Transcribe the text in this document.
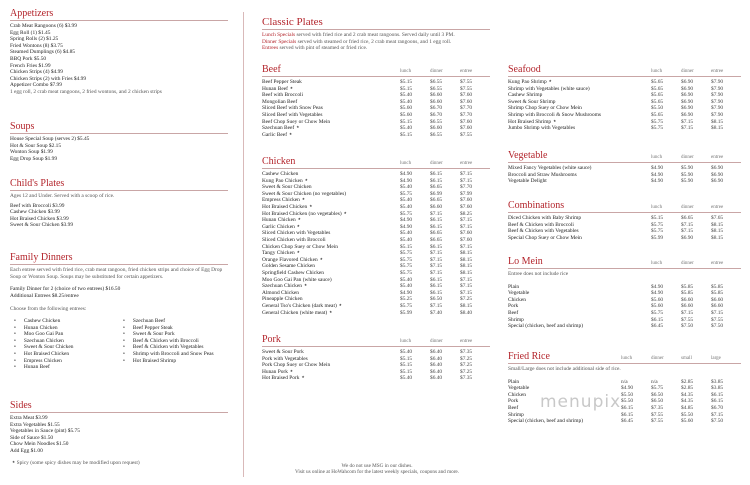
Appetizers
Crab Meat Rangoons (6) $3.99
Egg Roll (1) $1.45
Spring Rolls (2) $1.25
Fried Wontons (8) $3.75
Steamed Dumplings (6) $4.85
BBQ Pork $5.50
French Fries $1.99
Chicken Strips (4) $4.99
Chicken Strips (2) with Fries $4.99
Appetizer Combo $7.99
1 egg roll, 2 crab meat rangoons, 2 fried wontons, and 2 chicken strips
Soups
House Special Soup (serves 2) $5.45
Hot & Sour Soup $2.15
Wonton Soup $1.99
Egg Drop Soup $1.99
Child's Plates
Ages 12 and Under. Served with a scoop of rice.
Beef with Broccoli $3.99
Cashew Chicken $3.99
Hot Braised Chicken $3.99
Sweet & Sour Chicken $3.99
Family Dinners
Each entree served with fried rice, crab meat rangoon, fried chicken strips and choice of Egg Drop Soup or Wonton Soup. Soups may be substituted for certain appetizers.
Family Dinner for 2 (choice of two entrees) $16.50
Additional Entrees $8.25/entree
Choose from the following entrees:
• Cashew Chicken
• Hunan Chicken
• Moo Goo Gai Pan
• Szechuan Chicken
• Sweet & Sour Chicken
• Hot Braised Chicken
• Empress Chicken
• Hunan Beef
• Szechuan Beef
• Beef Pepper Steak
• Sweet & Sour Pork
• Beef & Chicken with Broccoli
• Beef & Chicken with Vegetables
• Shrimp with Broccoli and Snow Peas
• Hot Braised Shrimp
Sides
Extra Meat $3.99
Extra Vegetables $1.55
Vegetables in Sauce (pint) $5.75
Side of Sauce $1.50
Chow Mein Noodles $1.50
Add Egg $1.00
★ Spicy (some spicy dishes may be modified upon request)
Classic Plates
Lunch Specials served with fried rice and 2 crab meat rangoons. Served daily until 3 PM.
Dinner Specials served with steamed or fried rice, 2 crab meat rangoons, and 1 egg roll.
Entrees served with pint of steamed or fried rice.
Beef	lunch	dinner	entree
Beef Pepper Steak	$5.15	$6.55	$7.55
Hunan Beef ★	$5.15	$6.55	$7.55
Beef with Broccoli	$5.40	$6.60	$7.60
Mongolian Beef	$5.40	$6.60	$7.60
Sliced Beef with Snow Peas	$5.60	$6.70	$7.70
Sliced Beef with Vegetables	$5.60	$6.70	$7.70
Beef Chop Suey or Chow Mein	$5.15	$6.55	$7.60
Szechuan Beef ★	$5.40	$6.60	$7.60
Garlic Beef ★	$5.15	$6.55	$7.55
Chicken	lunch	dinner	entree
Cashew Chicken	$4.90	$6.15	$7.15
Kung Pao Chicken ★	$4.90	$6.15	$7.15
Sweet & Sour Chicken	$5.40	$6.65	$7.70
Sweet & Sour Chicken (no vegetables)	$5.75	$6.99	$7.99
Empress Chicken ★	$5.40	$6.65	$7.60
Hot Braised Chicken ★	$5.40	$6.60	$7.60
Hot Braised Chicken (no vegetables) ★	$5.75	$7.15	$8.25
Hunan Chicken ★	$4.90	$6.15	$7.15
Garlic Chicken ★	$4.90	$6.15	$7.15
Sliced Chicken with Vegetables	$5.40	$6.65	$7.60
Sliced Chicken with Broccoli	$5.40	$6.65	$7.60
Chicken Chop Suey or Chow Mein	$5.15	$6.15	$7.15
Tangy Chicken ★	$5.75	$7.15	$8.15
Orange Flavored Chicken ★	$5.75	$7.15	$8.15
Golden Sesame Chicken	$5.75	$7.15	$8.15
Springfield Cashew Chicken	$5.75	$7.15	$8.15
Moo Goo Gai Pan (white sauce)	$5.40	$6.15	$7.15
Szechuan Chicken ★	$5.40	$6.15	$7.15
Almond Chicken	$4.90	$6.15	$7.15
Pineapple Chicken	$5.25	$6.50	$7.25
General Tso's Chicken (dark meat) ★	$5.75	$7.15	$8.15
General Chicken (white meat) ★	$5.99	$7.40	$8.40
Pork	lunch	dinner	entree
Sweet & Sour Pork	$5.40	$6.40	$7.35
Pork with Vegetables	$5.15	$6.40	$7.25
Pork Chop Suey or Chow Mein	$5.15	$6.40	$7.25
Hunan Pork ★	$5.15	$6.40	$7.25
Hot Braised Pork ★	$5.40	$6.40	$7.35
Seafood	lunch	dinner	entree
Kung Pao Shrimp ★	$5.65	$6.90	$7.90
Shrimp with Vegetables (white sauce)	$5.65	$6.90	$7.90
Cashew Shrimp	$5.65	$6.90	$7.90
Sweet & Sour Shrimp	$5.65	$6.90	$7.90
Shrimp Chop Suey or Chow Mein	$5.50	$6.90	$7.90
Shrimp with Broccoli & Snow Mushrooms	$5.65	$6.90	$7.90
Hot Braised Shrimp ★	$5.75	$7.15	$8.15
Jumbo Shrimp with Vegetables	$5.75	$7.15	$8.15
Vegetable	lunch	dinner	entree
Mixed Fancy Vegetables (white sauce)	$4.90	$5.90	$6.90
Broccoli and Straw Mushrooms	$4.90	$5.90	$6.90
Vegetable Delight	$4.90	$5.90	$6.90
Combinations	lunch	dinner	entree
Diced Chicken with Baby Shrimp	$5.15	$6.65	$7.65
Beef & Chicken with Broccoli	$5.75	$7.15	$8.15
Beef & Chicken with Vegetables	$5.75	$7.15	$8.15
Special Chop Suey or Chow Mein	$5.99	$6.90	$8.15
Lo Mein	lunch	dinner	entree
Entree does not include rice
Plain	$4.90	$5.85	$5.85
Vegetable	$4.90	$5.85	$5.85
Chicken	$5.60	$6.60	$6.60
Pork	$5.60	$6.60	$6.60
Beef	$5.75	$7.15	$7.15
Shrimp	$6.15	$7.55	$7.55
Special (chicken, beef and shrimp)	$6.45	$7.50	$7.50
Fried Rice	lunch	dinner	small	large
Small/Large does not include additional side of rice.
Plain	n/a	n/a	$2.85	$3.85
Vegetable	$4.90	$5.75	$2.85	$3.85
Chicken	$5.50	$6.50	$4.35	$6.15
Pork	$5.50	$6.50	$4.35	$6.15
Beef	$6.15	$7.35	$4.85	$6.70
Shrimp	$6.15	$7.55	$5.50	$7.15
Special (chicken, beef and shrimp)	$6.45	$7.55	$5.60	$7.50
We do not use MSG in our dishes.
Visit us online at HoWahcom for the latest weekly specials, coupons and more.
menupix
